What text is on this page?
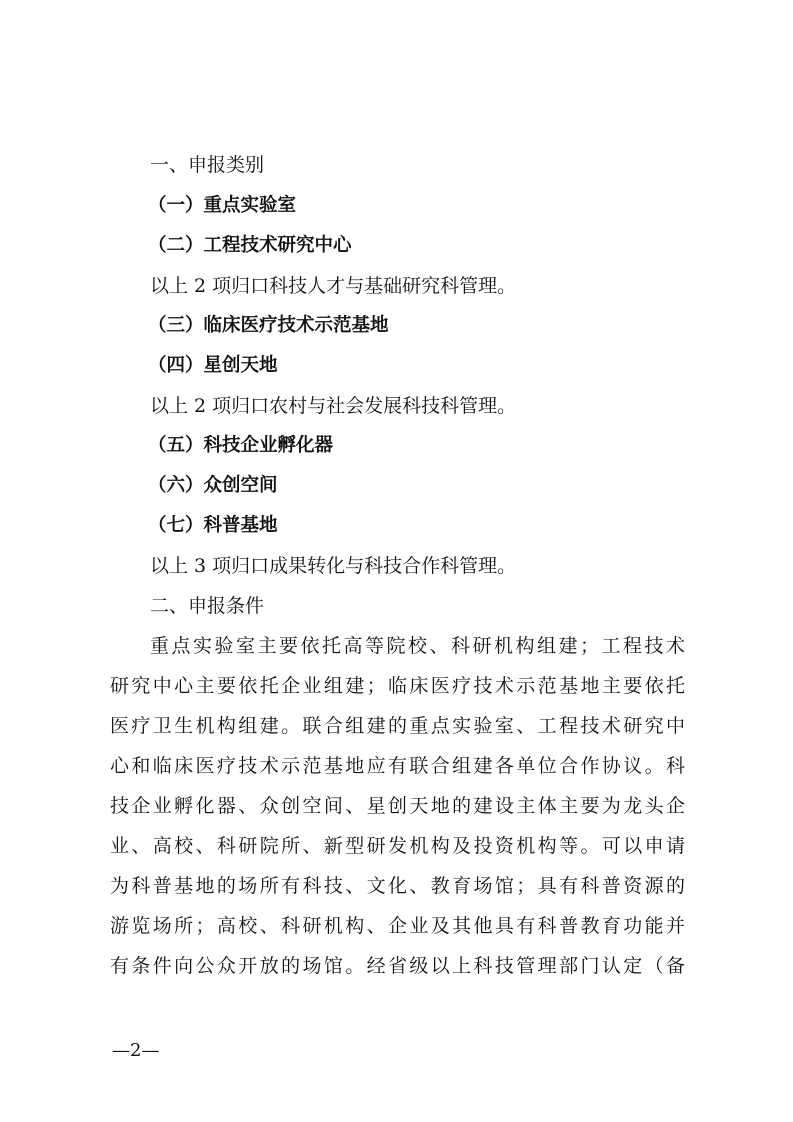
一、申报类别
（一）重点实验室
（二）工程技术研究中心
以上 2 项归口科技人才与基础研究科管理。
（三）临床医疗技术示范基地
（四）星创天地
以上 2 项归口农村与社会发展科技科管理。
（五）科技企业孵化器
（六）众创空间
（七）科普基地
以上 3 项归口成果转化与科技合作科管理。
二、申报条件
重点实验室主要依托高等院校、科研机构组建；工程技术
研究中心主要依托企业组建；临床医疗技术示范基地主要依托
医疗卫生机构组建。联合组建的重点实验室、工程技术研究中
心和临床医疗技术示范基地应有联合组建各单位合作协议。科
技企业孵化器、众创空间、星创天地的建设主体主要为龙头企
业、高校、科研院所、新型研发机构及投资机构等。可以申请
为科普基地的场所有科技、文化、教育场馆；具有科普资源的
游览场所；高校、科研机构、企业及其他具有科普教育功能并
有条件向公众开放的场馆。经省级以上科技管理部门认定（备
—2—
